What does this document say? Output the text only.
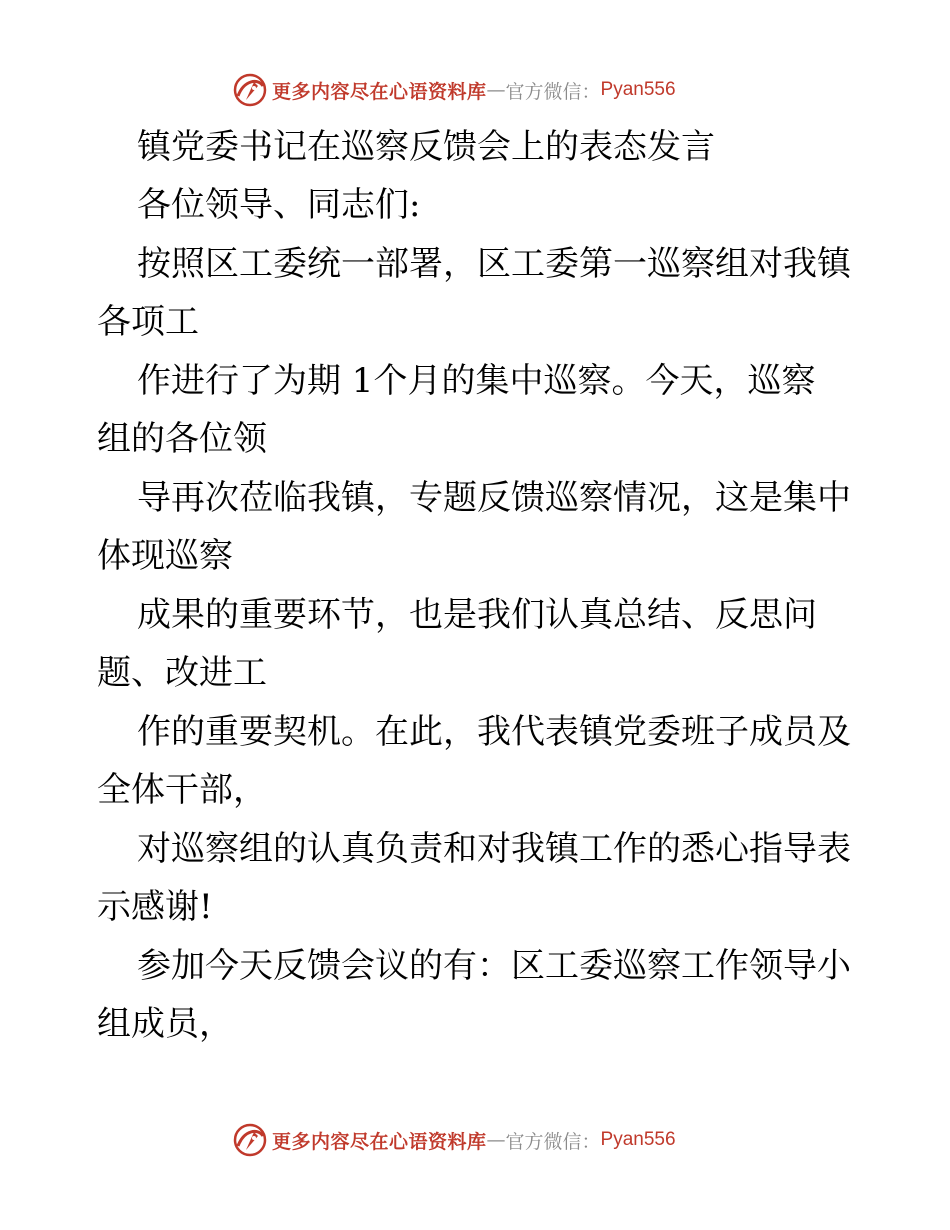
更多内容尽在心语资料库 — 官方微信： Pyan556
镇党委书记在巡察反馈会上的表态发言
各位领导、同志们:
按照区工委统一部署，区工委第一巡察组对我镇
各项工
作进行了为期 1个月的集中巡察。今天，巡察
组的各位领
导再次莅临我镇，专题反馈巡察情况，这是集中
体现巡察
成果的重要环节，也是我们认真总结、反思问
题、改进工
作的重要契机。在此，我代表镇党委班子成员及
全体干部，
对巡察组的认真负责和对我镇工作的悉心指导表
示感谢!
参加今天反馈会议的有：区工委巡察工作领导小
组成员，
更多内容尽在心语资料库 — 官方微信： Pyan556
